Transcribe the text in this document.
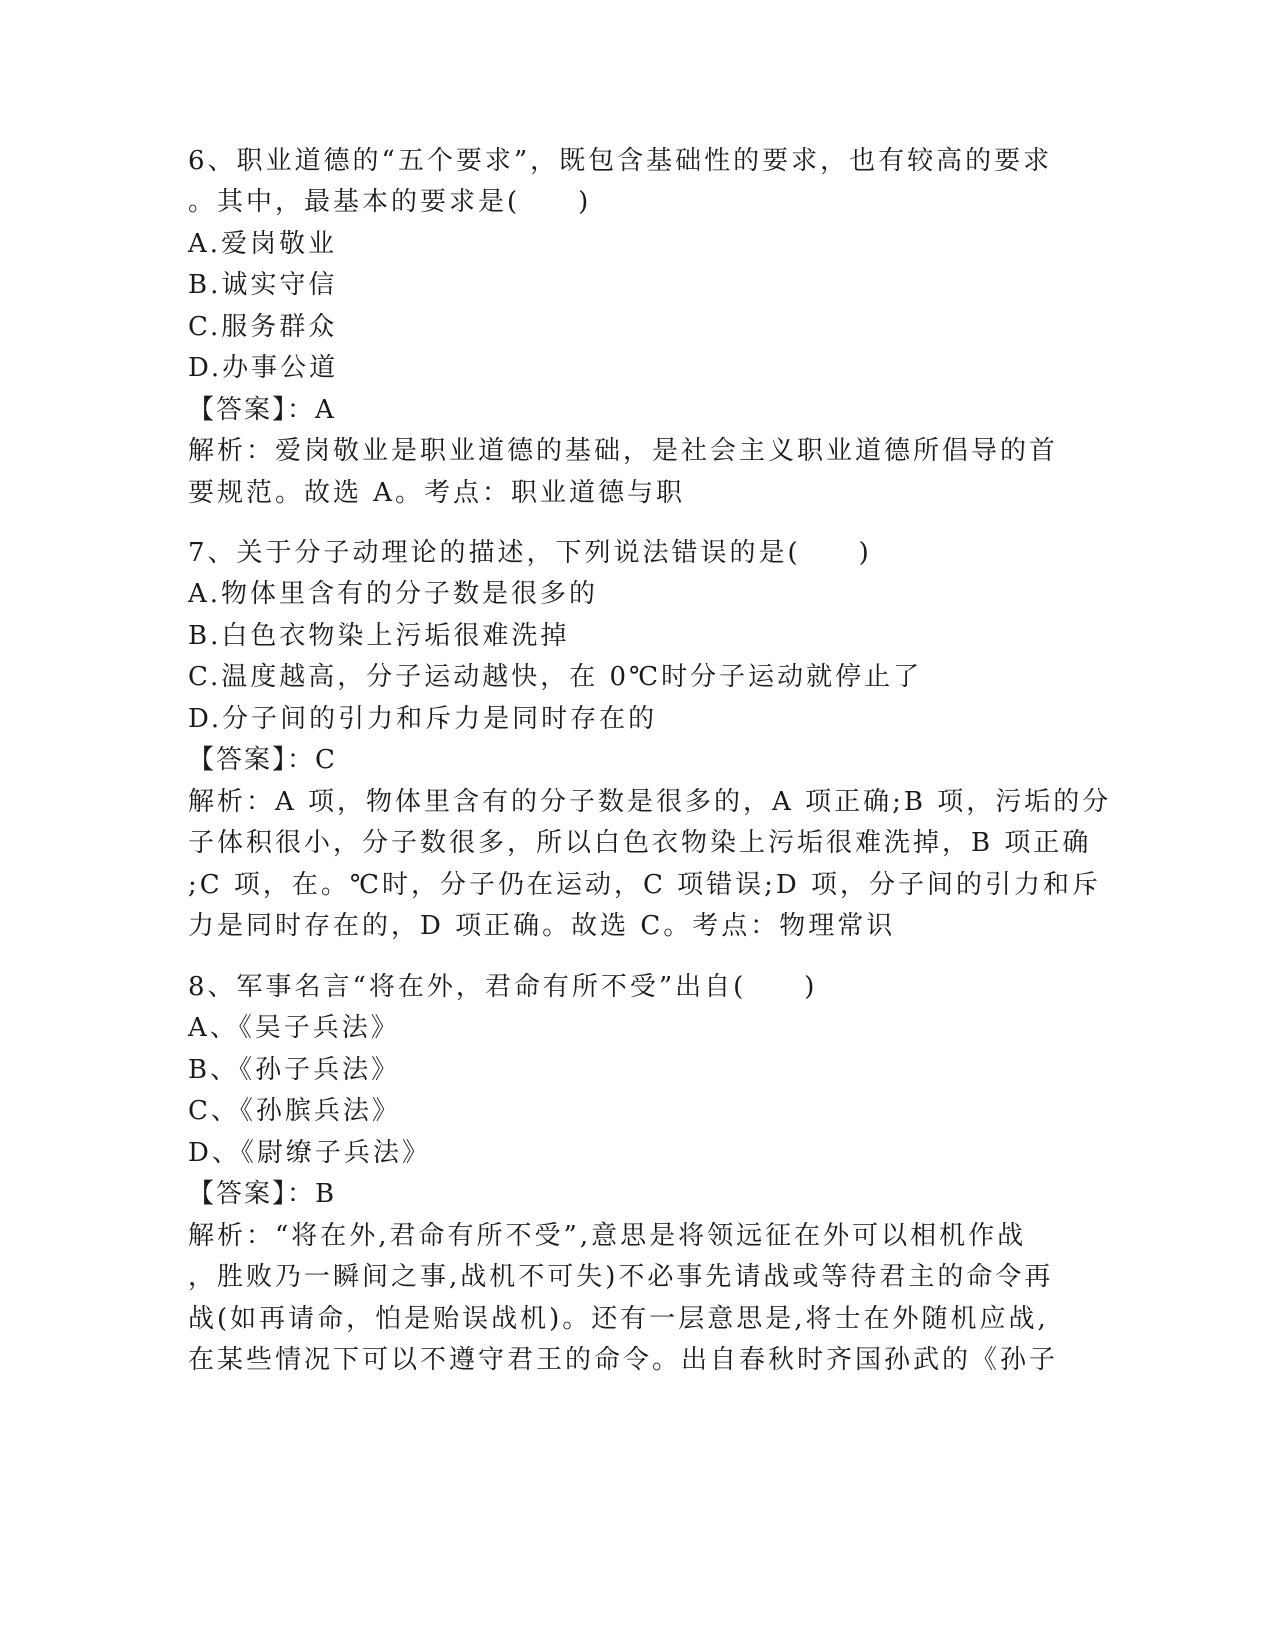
6、职业道德的“五个要求”，既包含基础性的要求，也有较高的要求
。其中，最基本的要求是(　　)
A.爱岗敬业
B.诚实守信
C.服务群众
D.办事公道
【答案】：A
解析：爱岗敬业是职业道德的基础，是社会主义职业道德所倡导的首
要规范。故选 A。考点：职业道德与职
7、关于分子动理论的描述，下列说法错误的是(　　)
A.物体里含有的分子数是很多的
B.白色衣物染上污垢很难洗掉
C.温度越高，分子运动越快，在 0℃时分子运动就停止了
D.分子间的引力和斥力是同时存在的
【答案】：C
解析：A 项，物体里含有的分子数是很多的，A 项正确;B 项，污垢的分
子体积很小，分子数很多，所以白色衣物染上污垢很难洗掉，B 项正确
;C 项，在。℃时，分子仍在运动，C 项错误;D 项，分子间的引力和斥
力是同时存在的，D 项正确。故选 C。考点：物理常识
8、军事名言“将在外，君命有所不受”出自(　　)
A、《吴子兵法》
B、《孙子兵法》
C、《孙膑兵法》
D、《尉缭子兵法》
【答案】：B
解析：“将在外,君命有所不受”,意思是将领远征在外可以相机作战
，胜败乃一瞬间之事,战机不可失)不必事先请战或等待君主的命令再
战(如再请命，怕是贻误战机)。还有一层意思是,将士在外随机应战,
在某些情况下可以不遵守君王的命令。出自春秋时齐国孙武的《孙子
